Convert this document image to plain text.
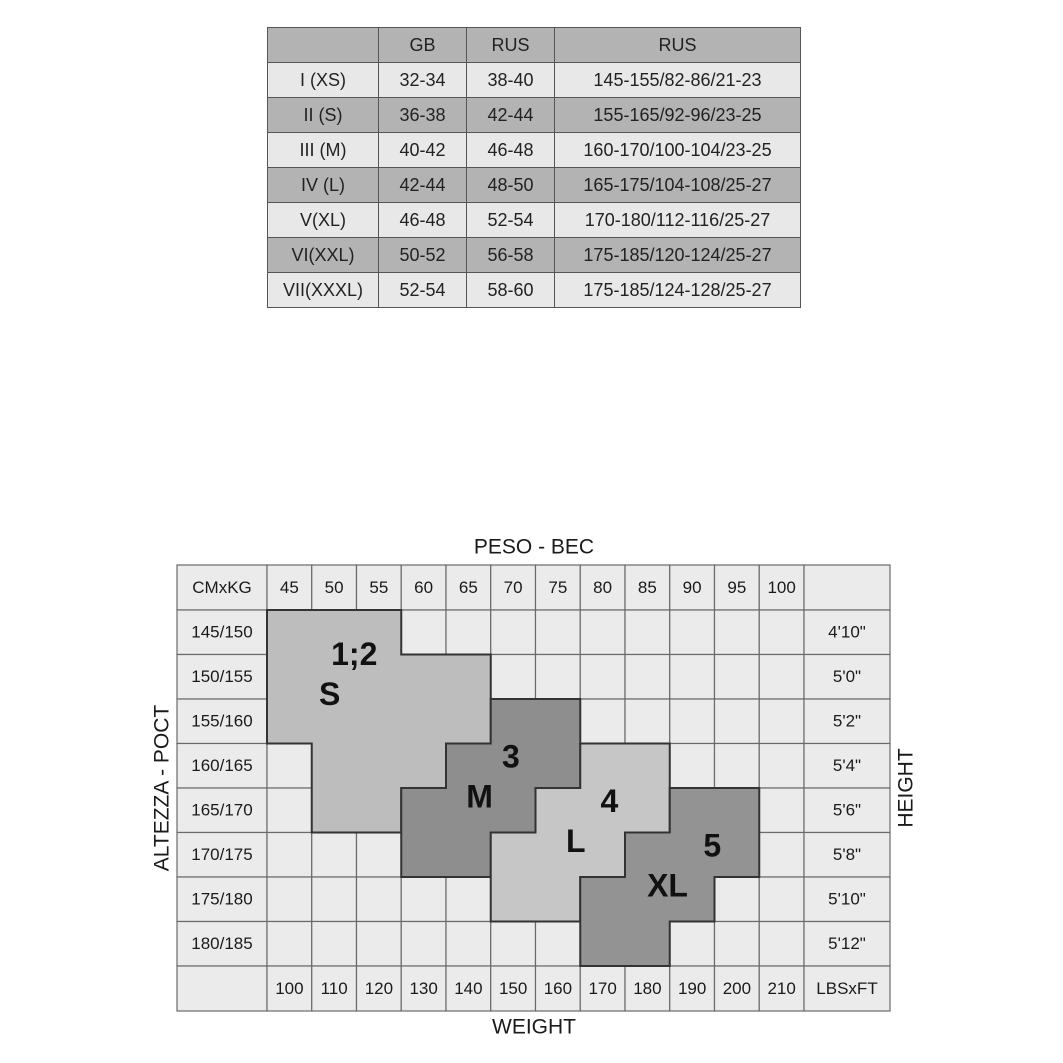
	GB	RUS	RUS
I (XS)	32-34	38-40	145-155/82-86/21-23
II (S)	36-38	42-44	155-165/92-96/23-25
III (M)	40-42	46-48	160-170/100-104/23-25
IV (L)	42-44	48-50	165-175/104-108/25-27
V(XL)	46-48	52-54	170-180/112-116/25-27
VI(XXL)	50-52	56-58	175-185/120-124/25-27
VII(XXXL)	52-54	58-60	175-185/124-128/25-27
CMxKG 45 50 55 60 65 70 75 80 85 90 95 100
145/150	4'10"
150/155	5'0"
155/160	5'2"
160/165	5'4"
165/170	5'6"
170/175	5'8"
175/180	5'10"
180/185	5'12"
100 110 120 130 140 150 160 170 180 190 200 210 LBSxFT
1;2
S
3
M	4
L	5
XL
PESO - BEC
WEIGHT
ALTEZZA - POCT	HEIGHT
